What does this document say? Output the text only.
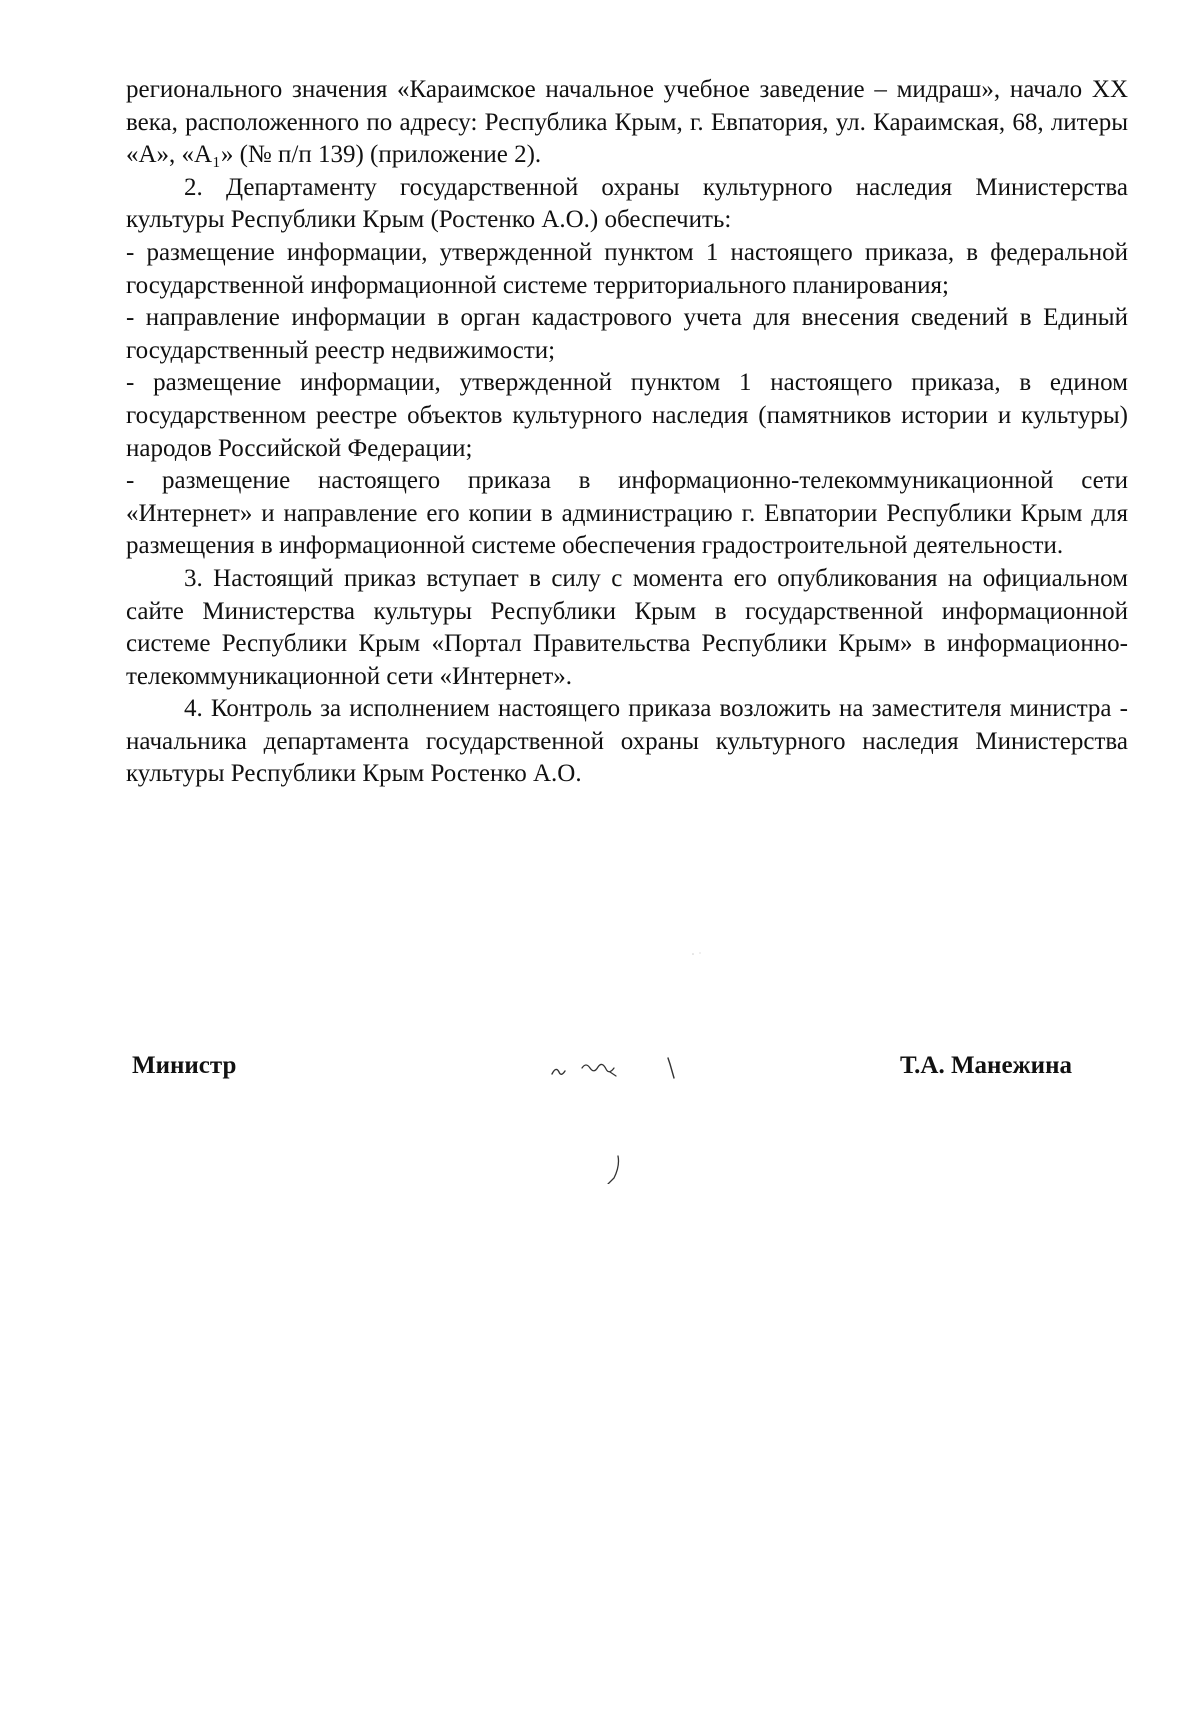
регионального значения «Караимское начальное учебное заведение – мидраш», начало XX века, расположенного по адресу: Республика Крым, г. Евпатория, ул. Караимская, 68, литеры «А», «А₁» (№ п/п 139) (приложение 2).

2. Департаменту государственной охраны культурного наследия Министерства культуры Республики Крым (Ростенко А.О.) обеспечить:

- размещение информации, утвержденной пунктом 1 настоящего приказа, в федеральной государственной информационной системе территориального планирования;

- направление информации в орган кадастрового учета для внесения сведений в Единый государственный реестр недвижимости;

- размещение информации, утвержденной пунктом 1 настоящего приказа, в едином государственном реестре объектов культурного наследия (памятников истории и культуры) народов Российской Федерации;

- размещение настоящего приказа в информационно-телекоммуникационной сети «Интернет» и направление его копии в администрацию г. Евпатории Республики Крым для размещения в информационной системе обеспечения градостроительной деятельности.

3. Настоящий приказ вступает в силу с момента его опубликования на официальном сайте Министерства культуры Республики Крым в государственной информационной системе Республики Крым «Портал Правительства Республики Крым» в информационно-телекоммуникационной сети «Интернет».

4. Контроль за исполнением настоящего приказа возложить на заместителя министра - начальника департамента государственной охраны культурного наследия Министерства культуры Республики Крым Ростенко А.О.

Министр	Т.А. Манежина
